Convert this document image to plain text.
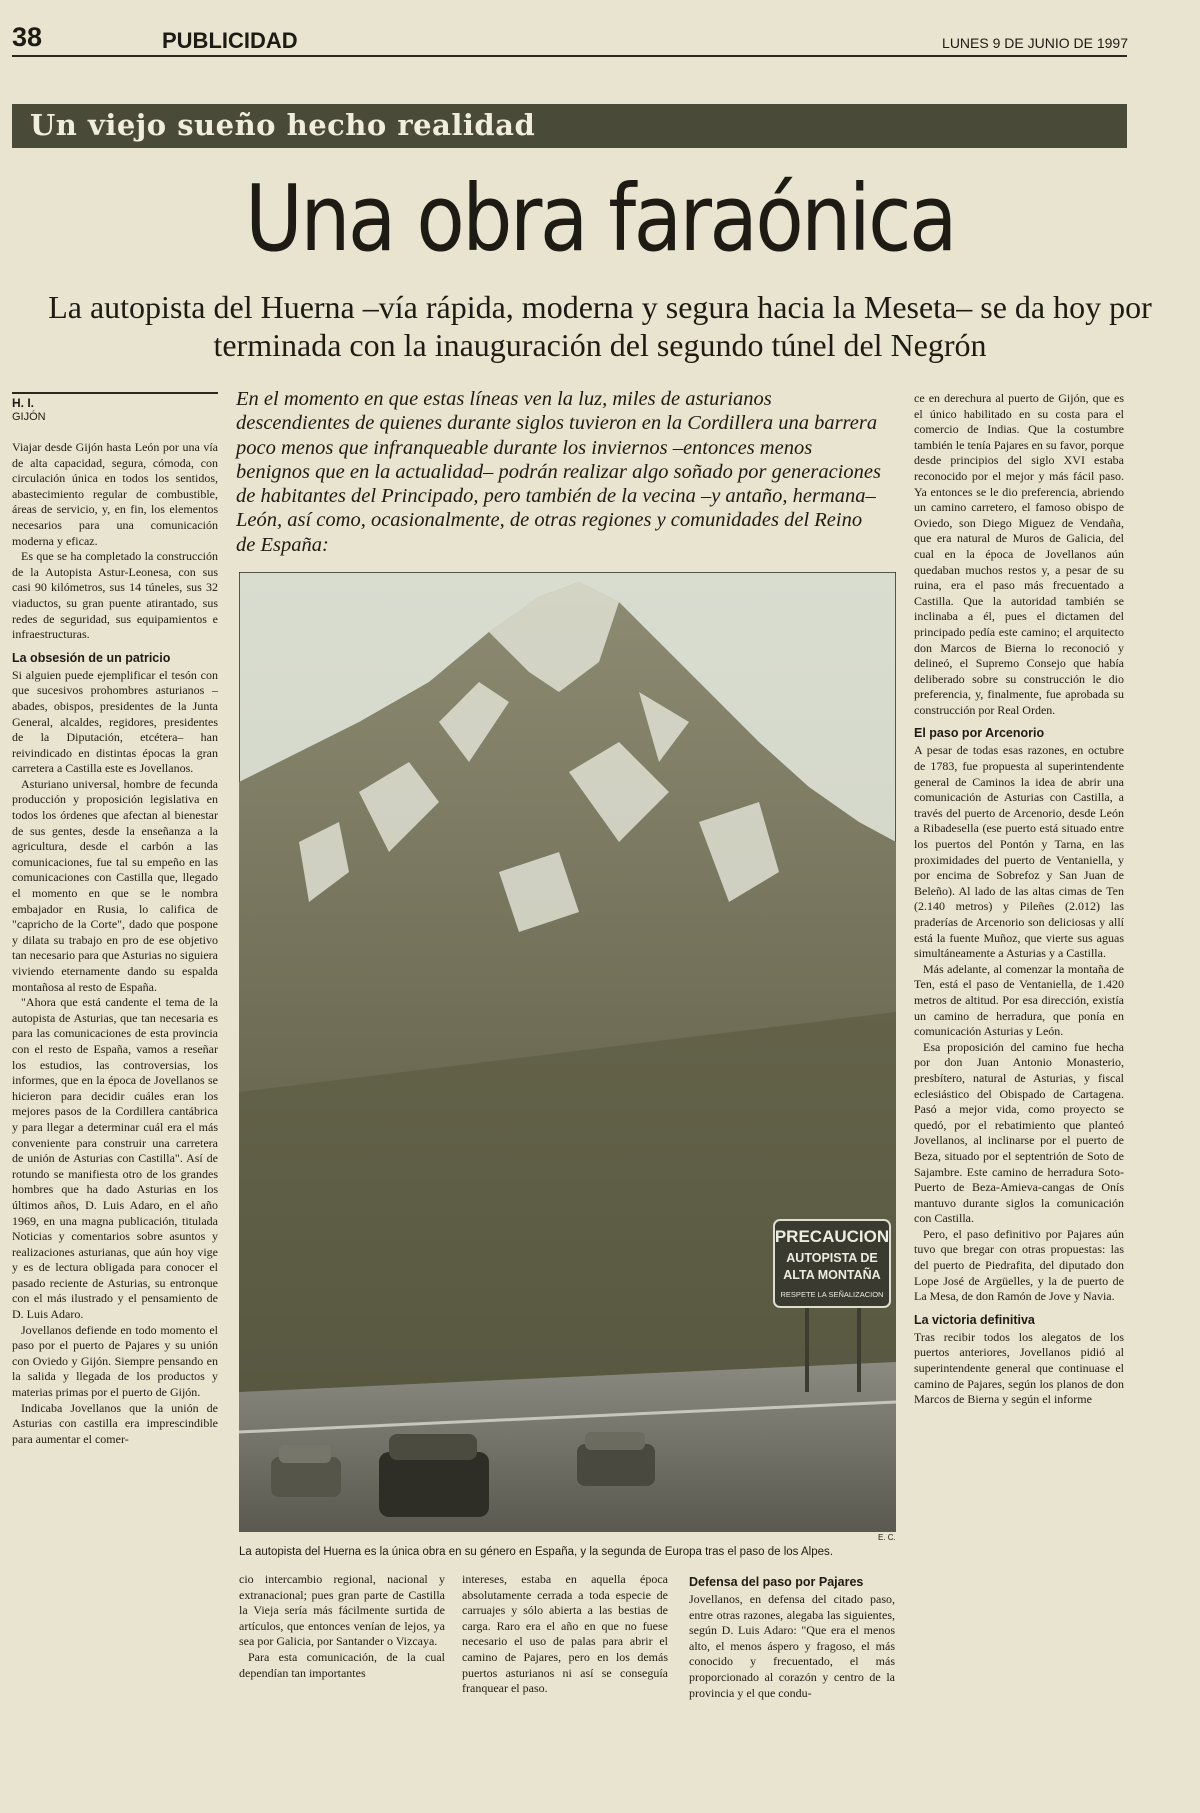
38	PUBLICIDAD	LUNES 9 DE JUNIO DE 1997
Un viejo sueño hecho realidad
Una obra faraónica
La autopista del Huerna –vía rápida, moderna y segura hacia la Meseta– se da hoy por terminada con la inauguración del segundo túnel del Negrón
H. I.
GIJÓN

Viajar desde Gijón hasta León por una vía de alta capacidad, segura, cómoda, con circulación única en todos los sentidos, abastecimiento regular de combustible, áreas de servicio, y, en fin, los elementos necesarios para una comunicación moderna y eficaz.

Es que se ha completado la construcción de la Autopista Astur-Leonesa, con sus casi 90 kilómetros, sus 14 túneles, sus 32 viaductos, su gran puente atirantado, sus redes de seguridad, sus equipamientos e infraestructuras.

La obsesión de un patricio

Si alguien puede ejemplificar el tesón con que sucesivos prohombres asturianos –abades, obispos, presidentes de la Junta General, alcaldes, regidores, presidentes de la Diputación, etcétera– han reivindicado en distintas épocas la gran carretera a Castilla este es Jovellanos.

Asturiano universal, hombre de fecunda producción y proposición legislativa en todos los órdenes que afectan al bienestar de sus gentes, desde la enseñanza a la agricultura, desde el carbón a las comunicaciones, fue tal su empeño en las comunicaciones con Castilla que, llegado el momento en que se le nombra embajador en Rusia, lo califica de "capricho de la Corte", dado que pospone y dilata su trabajo en pro de ese objetivo tan necesario para que Asturias no siguiera viviendo eternamente dando su espalda montañosa al resto de España.

"Ahora que está candente el tema de la autopista de Asturias, que tan necesaria es para las comunicaciones de esta provincia con el resto de España, vamos a reseñar los estudios, las controversias, los informes, que en la época de Jovellanos se hicieron para decidir cuáles eran los mejores pasos de la Cordillera cantábrica y para llegar a determinar cuál era el más conveniente para construir una carretera de unión de Asturias con Castilla". Así de rotundo se manifiesta otro de los grandes hombres que ha dado Asturias en los últimos años, D. Luis Adaro, en el año 1969, en una magna publicación, titulada Noticias y comentarios sobre asuntos y realizaciones asturianas, que aún hoy vige y es de lectura obligada para conocer el pasado reciente de Asturias, su entronque con el más ilustrado y el pensamiento de D. Luis Adaro.

Jovellanos defiende en todo momento el paso por el puerto de Pajares y su unión con Oviedo y Gijón. Siempre pensando en la salida y llegada de los productos y materias primas por el puerto de Gijón.

Indicaba Jovellanos que la unión de Asturias con castilla era imprescindible para aumentar el comer-

En el momento en que estas líneas ven la luz, miles de asturianos descendientes de quienes durante siglos tuvieron en la Cordillera una barrera poco menos que infranqueable durante los inviernos –entonces menos benignos que en la actualidad– podrán realizar algo soñado por generaciones de habitantes del Principado, pero también de la vecina –y antaño, hermana– León, así como, ocasionalmente, de otras regiones y comunidades del Reino de España:
PRECAUCION
AUTOPISTA DE
ALTA MONTAÑA
RESPETE LA SEÑALIZACION
E. C.
La autopista del Huerna es la única obra en su género en España, y la segunda de Europa tras el paso de los Alpes.

cio intercambio regional, nacional y extranacional; pues gran parte de Castilla la Vieja sería más fácilmente surtida de artículos, que entonces venían de lejos, ya sea por Galicia, por Santander o Vizcaya.

Para esta comunicación, de la cual dependían tan importantes

intereses, estaba en aquella época absolutamente cerrada a toda especie de carruajes y sólo abierta a las bestias de carga. Raro era el año en que no fuese necesario el uso de palas para abrir el camino de Pajares, pero en los demás puertos asturianos ni así se conseguía franquear el paso.

Defensa del paso por Pajares

Jovellanos, en defensa del citado paso, entre otras razones, alegaba las siguientes, según D. Luis Adaro: "Que era el menos alto, el menos áspero y fragoso, el más conocido y frecuentado, el más proporcionado al corazón y centro de la provincia y el que condu-

ce en derechura al puerto de Gijón, que es el único habilitado en su costa para el comercio de Indias. Que la costumbre también le tenía Pajares en su favor, porque desde principios del siglo XVI estaba reconocido por el mejor y más fácil paso. Ya entonces se le dio preferencia, abriendo un camino carretero, el famoso obispo de Oviedo, son Diego Miguez de Vendaña, que era natural de Muros de Galicia, del cual en la época de Jovellanos aún quedaban muchos restos y, a pesar de su ruina, era el paso más frecuentado a Castilla. Que la autoridad también se inclinaba a él, pues el dictamen del principado pedía este camino; el arquitecto don Marcos de Bierna lo reconoció y delineó, el Supremo Consejo que había deliberado sobre su construcción le dio preferencia, y, finalmente, fue aprobada su construcción por Real Orden.

El paso por Arcenorio

A pesar de todas esas razones, en octubre de 1783, fue propuesta al superintendente general de Caminos la idea de abrir una comunicación de Asturias con Castilla, a través del puerto de Arcenorio, desde León a Ribadesella (ese puerto está situado entre los puertos del Pontón y Tarna, en las proximidades del puerto de Ventaniella, y por encima de Sobrefoz y San Juan de Beleño). Al lado de las altas cimas de Ten (2.140 metros) y Pileñes (2.012) las praderías de Arcenorio son deliciosas y allí está la fuente Muñoz, que vierte sus aguas simultáneamente a Asturias y a Castilla.

Más adelante, al comenzar la montaña de Ten, está el paso de Ventaniella, de 1.420 metros de altitud. Por esa dirección, existía un camino de herradura, que ponía en comunicación Asturias y León.

Esa proposición del camino fue hecha por don Juan Antonio Monasterio, presbítero, natural de Asturias, y fiscal eclesiástico del Obispado de Cartagena. Pasó a mejor vida, como proyecto se quedó, por el rebatimiento que planteó Jovellanos, al inclinarse por el puerto de Beza, situado por el septentrión de Soto de Sajambre. Este camino de herradura Soto-Puerto de Beza-Amieva-cangas de Onís mantuvo durante siglos la comunicación con Castilla.

Pero, el paso definitivo por Pajares aún tuvo que bregar con otras propuestas: las del puerto de Piedrafita, del diputado don Lope José de Argüelles, y la de puerto de La Mesa, de don Ramón de Jove y Navia.

La victoria definitiva

Tras recibir todos los alegatos de los puertos anteriores, Jovellanos pidió al superintendente general que continuase el camino de Pajares, según los planos de don Marcos de Bierna y según el informe
